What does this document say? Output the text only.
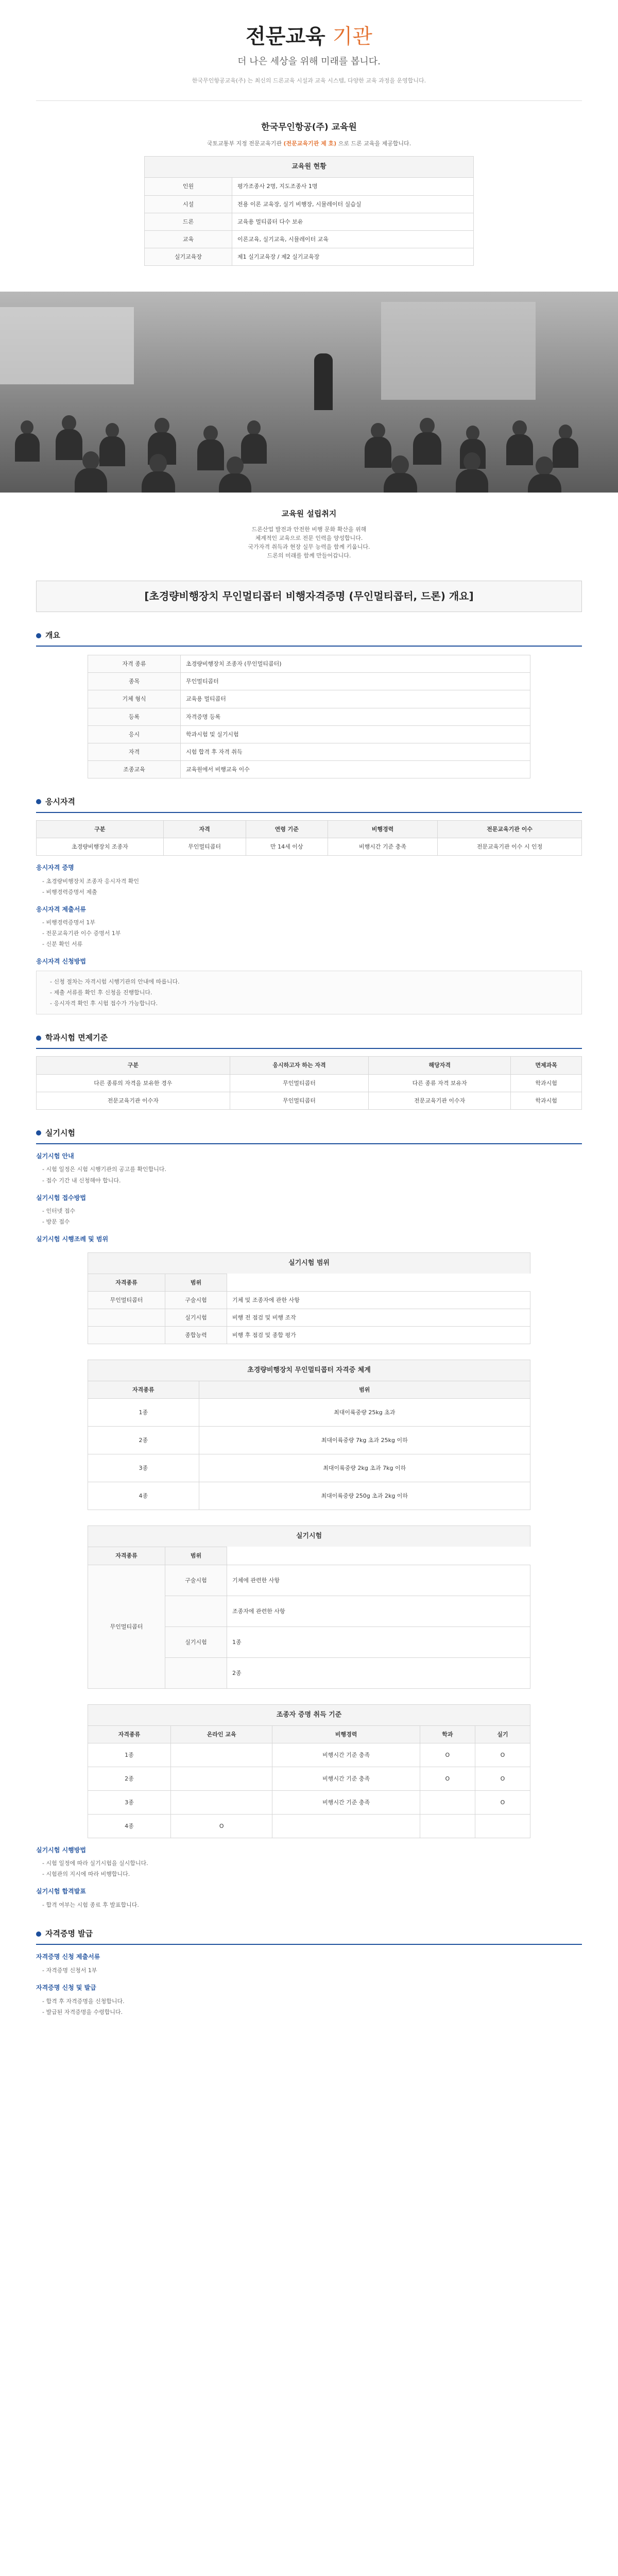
전문교육 기관
더 나은 세상을 위해 미래를 봅니다.
한국무인항공교육(주) 는 최신의 드론교육 시설과 교육 시스템, 다양한 교육 과정을 운영합니다.
한국무인항공(주) 교육원
국토교통부 지정 전문교육기관 (전문교육기관 제 호) 으로 드론 교육을 제공합니다.
교육원 현황
인원	평가조종사 2명, 지도조종사 1명
시설	전용 이론 교육장, 실기 비행장, 시뮬레이터 실습실
드론	교육용 멀티콥터 다수 보유
교육	이론교육, 실기교육, 시뮬레이터 교육
실기교육장	제1 실기교육장 / 제2 실기교육장
교육원 설립취지
드론산업 발전과 안전한 비행 문화 확산을 위해
체계적인 교육으로 전문 인력을 양성합니다.
국가자격 취득과 현장 실무 능력을 함께 키웁니다.
드론의 미래를 함께 만들어갑니다.
[초경량비행장치 무인멀티콥터 비행자격증명 (무인멀티콥터, 드론) 개요]
개요
자격 종류	초경량비행장치 조종자 (무인멀티콥터)
종목	무인멀티콥터
기체 형식	교육용 멀티콥터
등록	자격증명 등록
응시	학과시험 및 실기시험
자격	시험 합격 후 자격 취득
조종교육	교육원에서 비행교육 이수
응시자격
구분	자격	연령 기준	비행경력	전문교육기관 이수
초경량비행장치 조종자	무인멀티콥터	만 14세 이상	비행시간 기준 충족	전문교육기관 이수 시 인정
응시자격 증명
- 초경량비행장치 조종자 응시자격 확인
- 비행경력증명서 제출
응시자격 제출서류
- 비행경력증명서 1부
- 전문교육기관 이수 증명서 1부
- 신분 확인 서류
응시자격 신청방법
- 신청 절차는 자격시험 시행기관의 안내에 따릅니다.
- 제출 서류를 확인 후 신청을 진행합니다.
- 응시자격 확인 후 시험 접수가 가능합니다.
학과시험 면제기준
구분	응시하고자 하는 자격	해당자격	면제과목
다른 종류의 자격을 보유한 경우	무인멀티콥터	다른 종류 자격 보유자	학과시험
전문교육기관 이수자	무인멀티콥터	전문교육기관 이수자	학과시험
실기시험
실기시험 안내
- 시험 일정은 시험 시행기관의 공고를 확인합니다.
- 접수 기간 내 신청해야 합니다.
실기시험 접수방법
- 인터넷 접수
- 방문 접수
실기시험 시행조례 및 범위
실기시험 범위
자격종류	범위	
무인멀티콥터	구술시험	기체 및 조종자에 관한 사항
	실기시험	비행 전 점검 및 비행 조작
	종합능력	비행 후 점검 및 종합 평가
초경량비행장치 무인멀티콥터 자격증 체계
자격종류	범위
1종	최대이륙중량 25kg 초과
2종	최대이륙중량 7kg 초과 25kg 이하
3종	최대이륙중량 2kg 초과 7kg 이하
4종	최대이륙중량 250g 초과 2kg 이하
실기시험
자격종류	범위	
무인멀티콥터	구술시험	기체에 관련한 사항
		조종자에 관련한 사항
	실기시험	1종
		2종
조종자 증명 취득 기준
자격종류	온라인 교육	비행경력	학과	실기
1종		비행시간 기준 충족	O	O
2종		비행시간 기준 충족	O	O
3종		비행시간 기준 충족		O
4종	O			
실기시험 시행방법
- 시험 일정에 따라 실기시험을 실시합니다.
- 시험관의 지시에 따라 비행합니다.
실기시험 합격발표
- 합격 여부는 시험 종료 후 발표합니다.
자격증명 발급
자격증명 신청 제출서류
- 자격증명 신청서 1부
자격증명 신청 및 발급
- 합격 후 자격증명을 신청합니다.
- 발급된 자격증명을 수령합니다.
